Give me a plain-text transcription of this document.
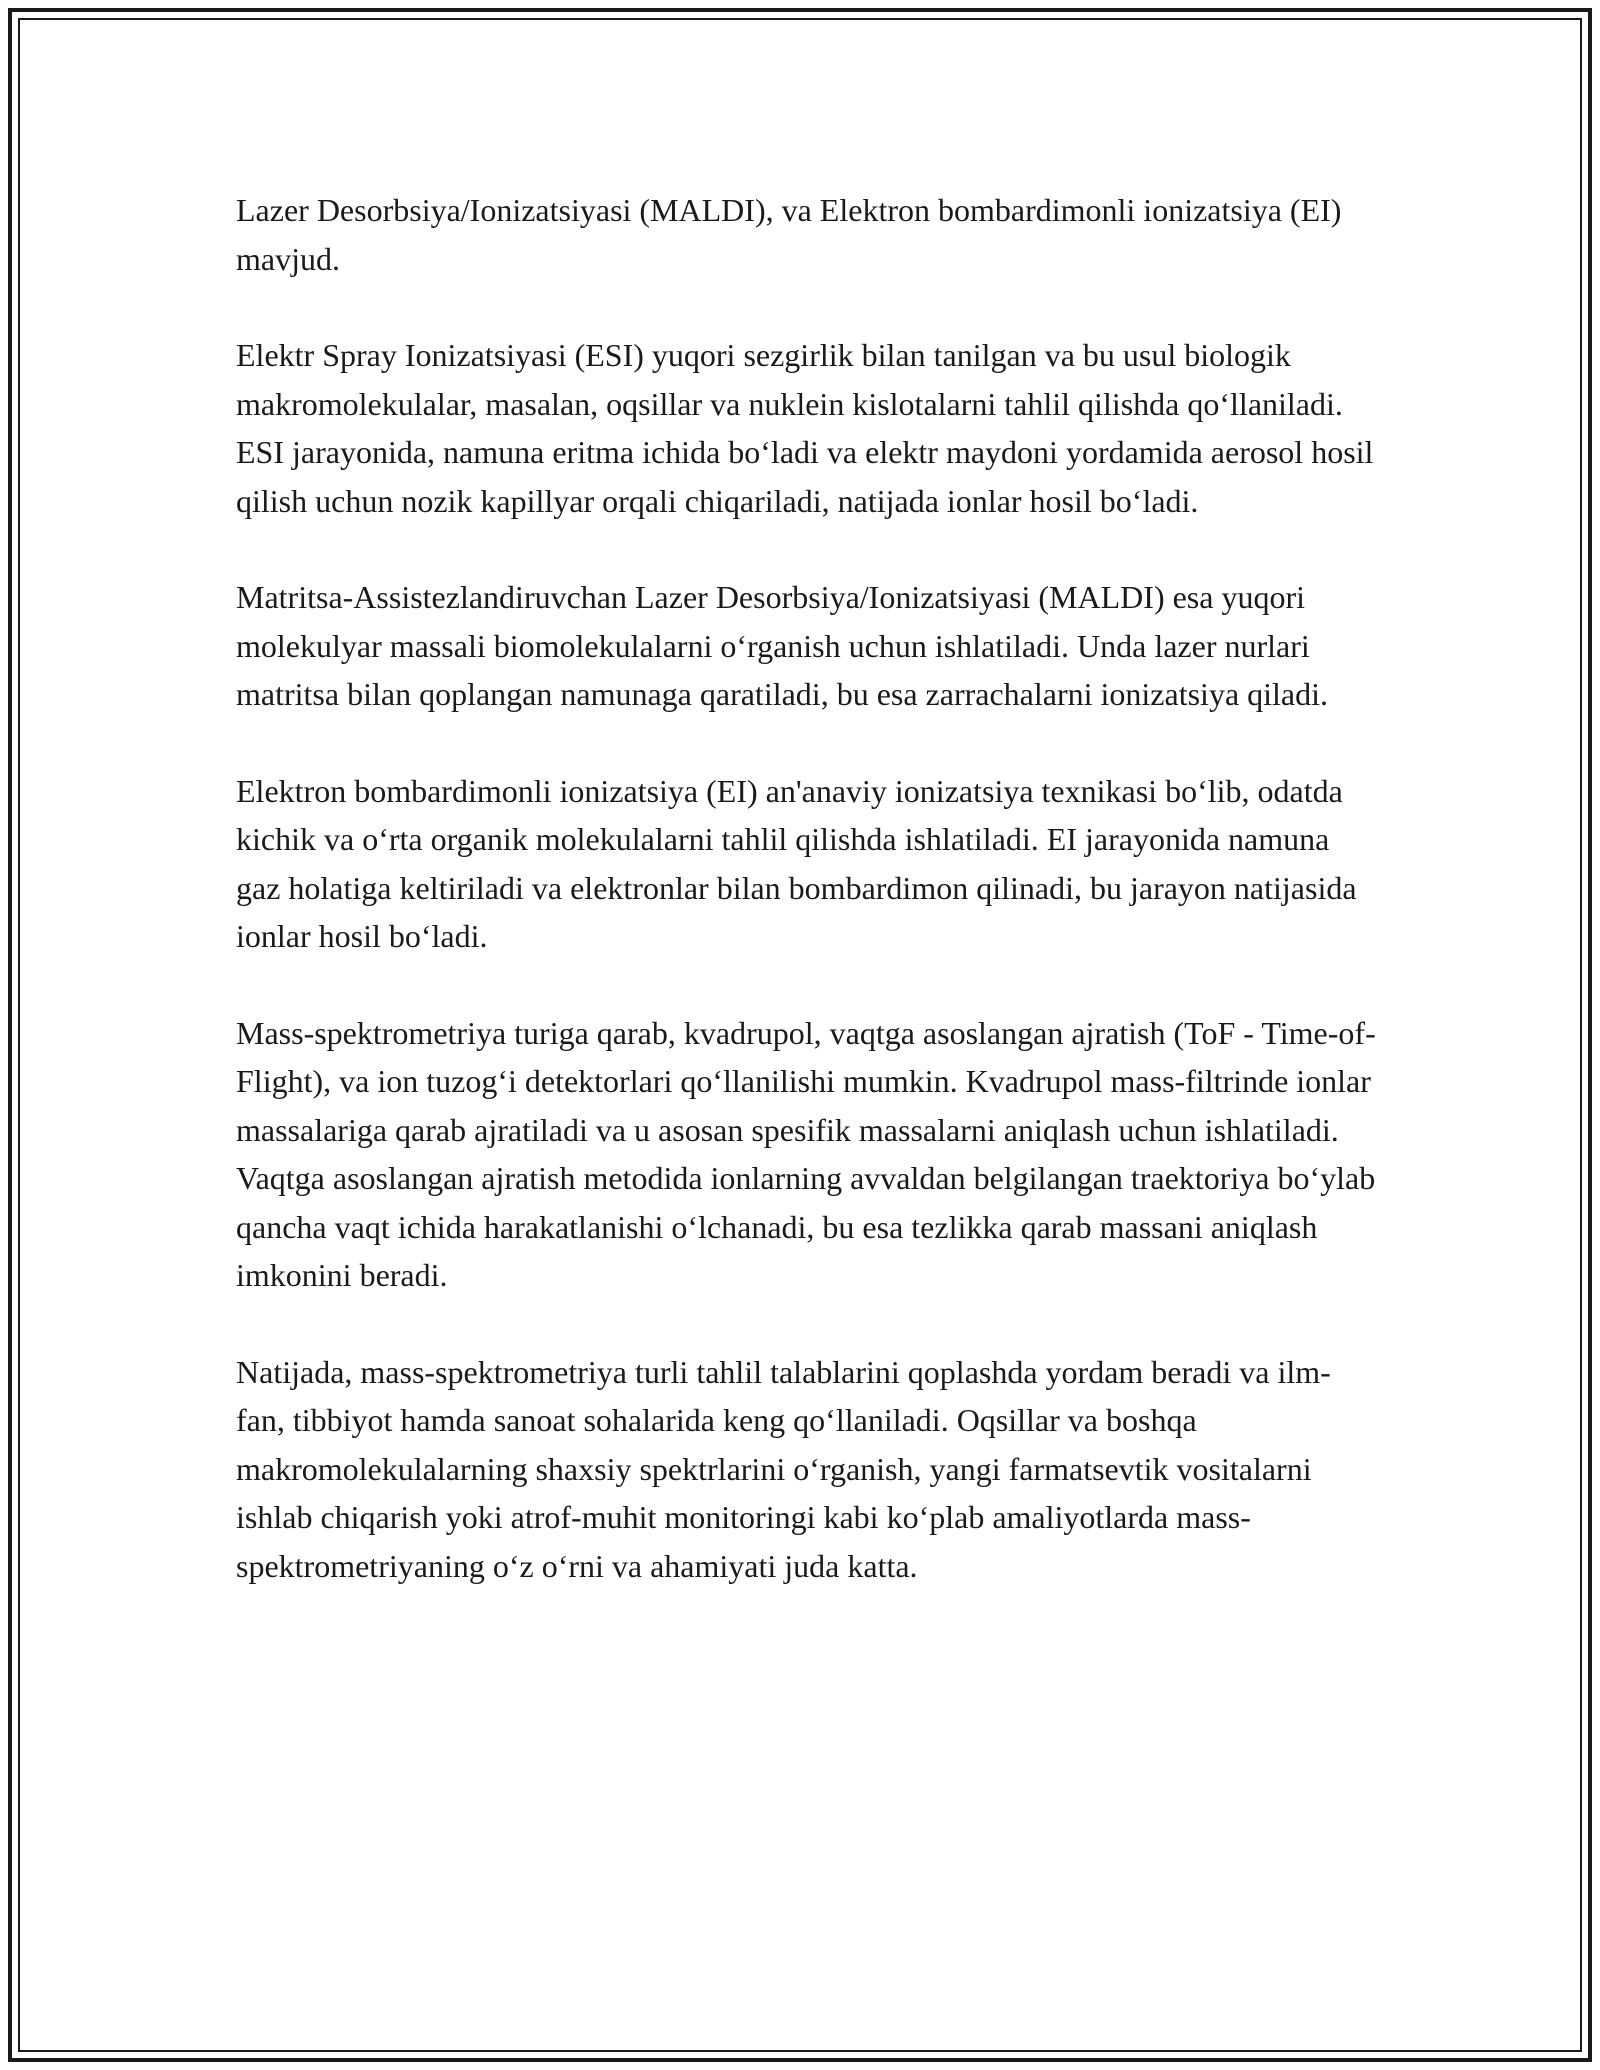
Lazer Desorbsiya/Ionizatsiyasi (MALDI), va Elektron bombardimonli ionizatsiya (EI) mavjud.

Elektr Spray Ionizatsiyasi (ESI) yuqori sezgirlik bilan tanilgan va bu usul biologik makromolekulalar, masalan, oqsillar va nuklein kislotalarni tahlil qilishda qo‘llaniladi. ESI jarayonida, namuna eritma ichida bo‘ladi va elektr maydoni yordamida aerosol hosil qilish uchun nozik kapillyar orqali chiqariladi, natijada ionlar hosil bo‘ladi.

Matritsa-Assistezlandiruvchan Lazer Desorbsiya/Ionizatsiyasi (MALDI) esa yuqori molekulyar massali biomolekulalarni o‘rganish uchun ishlatiladi. Unda lazer nurlari matritsa bilan qoplangan namunaga qaratiladi, bu esa zarrachalarni ionizatsiya qiladi.

Elektron bombardimonli ionizatsiya (EI) an'anaviy ionizatsiya texnikasi bo‘lib, odatda kichik va o‘rta organik molekulalarni tahlil qilishda ishlatiladi. EI jarayonida namuna gaz holatiga keltiriladi va elektronlar bilan bombardimon qilinadi, bu jarayon natijasida ionlar hosil bo‘ladi.

Mass-spektrometriya turiga qarab, kvadrupol, vaqtga asoslangan ajratish (ToF - Time-of-Flight), va ion tuzog‘i detektorlari qo‘llanilishi mumkin. Kvadrupol mass-filtrinde ionlar massalariga qarab ajratiladi va u asosan spesifik massalarni aniqlash uchun ishlatiladi. Vaqtga asoslangan ajratish metodida ionlarning avvaldan belgilangan traektoriya bo‘ylab qancha vaqt ichida harakatlanishi o‘lchanadi, bu esa tezlikka qarab massani aniqlash imkonini beradi.

Natijada, mass-spektrometriya turli tahlil talablarini qoplashda yordam beradi va ilm-fan, tibbiyot hamda sanoat sohalarida keng qo‘llaniladi. Oqsillar va boshqa makromolekulalarning shaxsiy spektrlarini o‘rganish, yangi farmatsevtik vositalarni ishlab chiqarish yoki atrof-muhit monitoringi kabi ko‘plab amaliyotlarda mass-spektrometriyaning o‘z o‘rni va ahamiyati juda katta.
